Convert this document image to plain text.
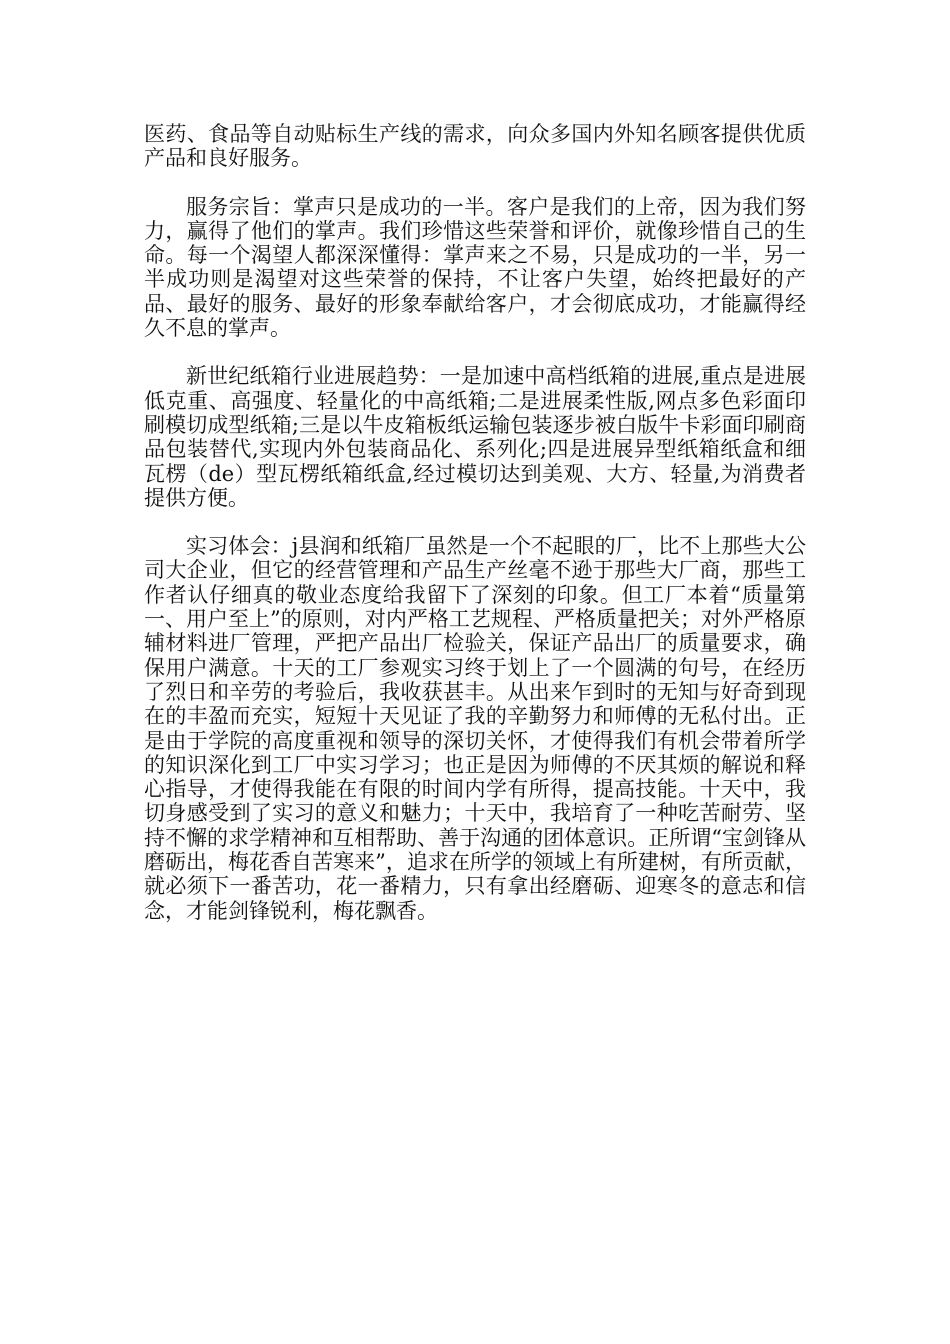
医药、食品等自动贴标生产线的需求，向众多国内外知名顾客提供优质产品和良好服务。

服务宗旨：掌声只是成功的一半。客户是我们的上帝，因为我们努力，赢得了他们的掌声。我们珍惜这些荣誉和评价，就像珍惜自己的生命。每一个渴望人都深深懂得：掌声来之不易，只是成功的一半，另一半成功则是渴望对这些荣誉的保持，不让客户失望，始终把最好的产品、最好的服务、最好的形象奉献给客户，才会彻底成功，才能赢得经久不息的掌声。

新世纪纸箱行业进展趋势：一是加速中高档纸箱的进展,重点是进展低克重、高强度、轻量化的中高纸箱;二是进展柔性版,网点多色彩面印刷模切成型纸箱;三是以牛皮箱板纸运输包装逐步被白版牛卡彩面印刷商品包装替代,实现内外包装商品化、系列化;四是进展异型纸箱纸盒和细瓦楞（de）型瓦楞纸箱纸盒,经过模切达到美观、大方、轻量,为消费者提供方便。

实习体会：j县润和纸箱厂虽然是一个不起眼的厂，比不上那些大公司大企业，但它的经营管理和产品生产丝毫不逊于那些大厂商，那些工作者认仔细真的敬业态度给我留下了深刻的印象。但工厂本着“质量第一、用户至上”的原则，对内严格工艺规程、严格质量把关；对外严格原辅材料进厂管理，严把产品出厂检验关，保证产品出厂的质量要求，确保用户满意。十天的工厂参观实习终于划上了一个圆满的句号，在经历了烈日和辛劳的考验后，我收获甚丰。从出来乍到时的无知与好奇到现在的丰盈而充实，短短十天见证了我的辛勤努力和师傅的无私付出。正是由于学院的高度重视和领导的深切关怀，才使得我们有机会带着所学的知识深化到工厂中实习学习；也正是因为师傅的不厌其烦的解说和释心指导，才使得我能在有限的时间内学有所得，提高技能。十天中，我切身感受到了实习的意义和魅力；十天中，我培育了一种吃苦耐劳、坚持不懈的求学精神和互相帮助、善于沟通的团体意识。正所谓“宝剑锋从磨砺出，梅花香自苦寒来”，追求在所学的领域上有所建树，有所贡献，就必须下一番苦功，花一番精力，只有拿出经磨砺、迎寒冬的意志和信念，才能剑锋锐利，梅花飘香。
